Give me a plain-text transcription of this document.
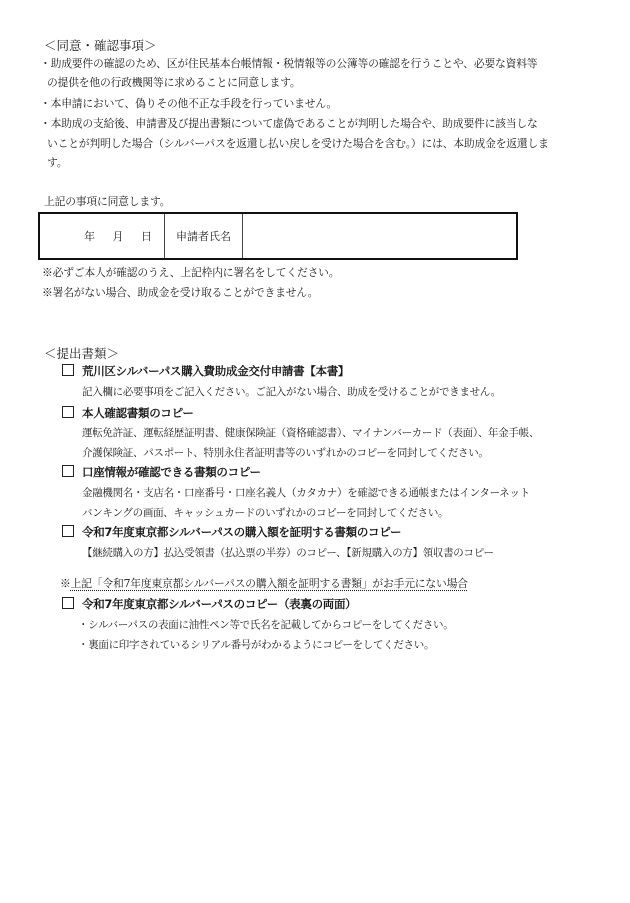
＜同意・確認事項＞
・助成要件の確認のため、区が住民基本台帳情報・税情報等の公簿等の確認を行うことや、必要な資料等
の提供を他の行政機関等に求めることに同意します。
・本申請において、偽りその他不正な手段を行っていません。
・本助成の支給後、申請書及び提出書類について虚偽であることが判明した場合や、助成要件に該当しな
いことが判明した場合（シルバーパスを返還し払い戻しを受けた場合を含む。）には、本助成金を返還しま
す。
上記の事項に同意します。
年 月 日 申請者氏名
※必ずご本人が確認のうえ、上記枠内に署名をしてください。
※署名がない場合、助成金を受け取ることができません。
＜提出書類＞
荒川区シルバーパス購入費助成金交付申請書【本書】
記入欄に必要事項をご記入ください。ご記入がない場合、助成を受けることができません。
本人確認書類のコピー
運転免許証、運転経歴証明書、健康保険証（資格確認書）、マイナンバーカード（表面）、年金手帳、
介護保険証、パスポート、特別永住者証明書等のいずれかのコピーを同封してください。
口座情報が確認できる書類のコピー
金融機関名・支店名・口座番号・口座名義人（カタカナ）を確認できる通帳またはインターネット
バンキングの画面、キャッシュカードのいずれかのコピーを同封してください。
令和7年度東京都シルバーパスの購入額を証明する書類のコピー
【継続購入の方】払込受領書（払込票の半券）のコピー、【新規購入の方】領収書のコピー
※上記「令和7年度東京都シルバーパスの購入額を証明する書類」がお手元にない場合
令和7年度東京都シルバーパスのコピー（表裏の両面）
・シルバーパスの表面に油性ペン等で氏名を記載してからコピーをしてください。
・裏面に印字されているシリアル番号がわかるようにコピーをしてください。
